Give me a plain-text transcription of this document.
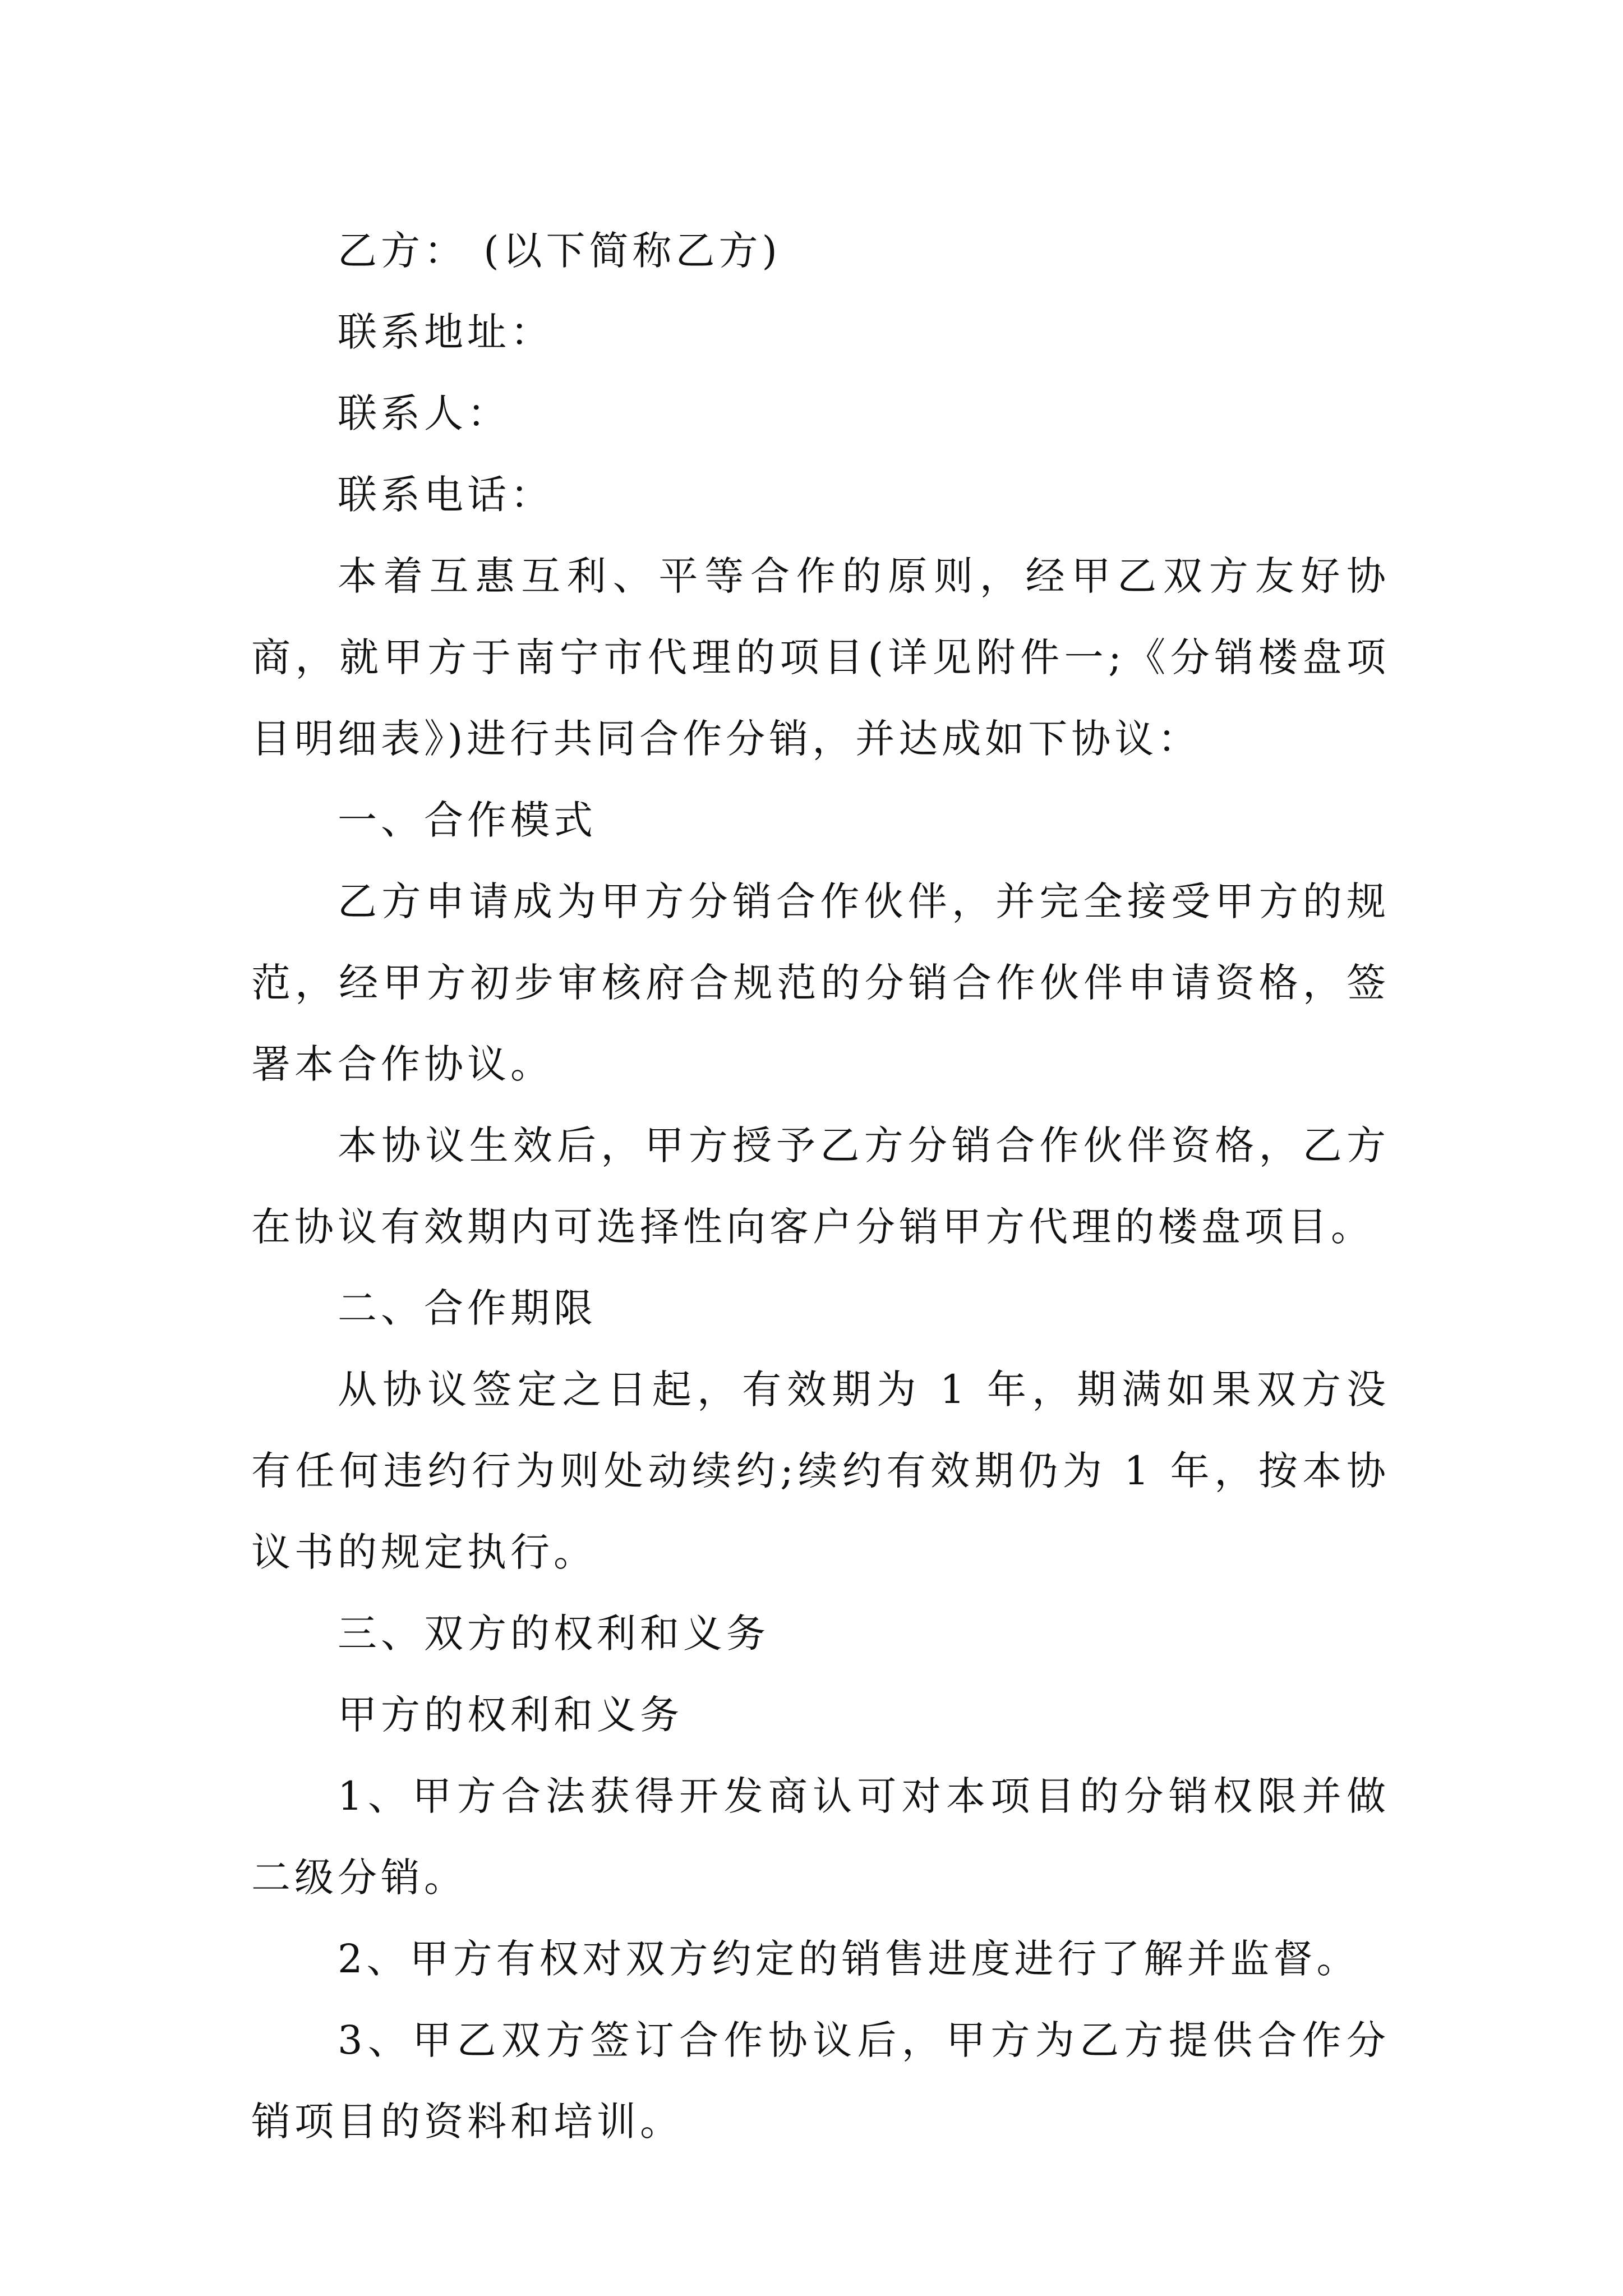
乙方： (以下简称乙方)

联系地址：

联系人：

联系电话：

本着互惠互利、平等合作的原则，经甲乙双方友好协商，就甲方于南宁市代理的项目(详见附件一;《分销楼盘项目明细表》)进行共同合作分销，并达成如下协议：

一、合作模式

乙方申请成为甲方分销合作伙伴，并完全接受甲方的规范，经甲方初步审核府合规范的分销合作伙伴申请资格，签署本合作协议。

本协议生效后，甲方授予乙方分销合作伙伴资格，乙方在协议有效期内可选择性向客户分销甲方代理的楼盘项目。

二、合作期限

从协议签定之日起，有效期为 1 年，期满如果双方没有任何违约行为则处动续约;续约有效期仍为 1 年，按本协议书的规定执行。

三、双方的权利和义务

甲方的权利和义务

1、甲方合法获得开发商认可对本项目的分销权限并做二级分销。

2、甲方有权对双方约定的销售进度进行了解并监督。

3、甲乙双方签订合作协议后，甲方为乙方提供合作分销项目的资料和培训。
